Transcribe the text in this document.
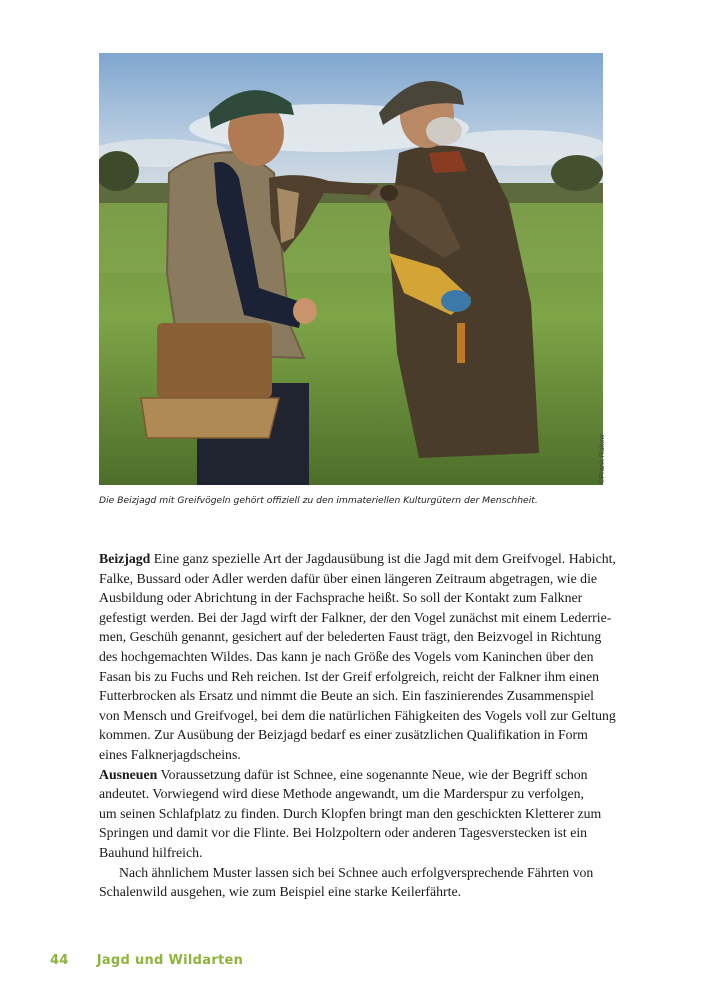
©Frank Rakow
Die Beizjagd mit Greifvögeln gehört offiziell zu den immateriellen Kulturgütern der Menschheit.
Beizjagd Eine ganz spezielle Art der Jagdausübung ist die Jagd mit dem Greifvogel. Habicht,
Falke, Bussard oder Adler werden dafür über einen längeren Zeitraum abgetragen, wie die
Ausbildung oder Abrichtung in der Fachsprache heißt. So soll der Kontakt zum Falkner
gefestigt werden. Bei der Jagd wirft der Falkner, der den Vogel zunächst mit einem Lederrie-
men, Geschüh genannt, gesichert auf der belederten Faust trägt, den Beizvogel in Richtung
des hochgemachten Wildes. Das kann je nach Größe des Vogels vom Kaninchen über den
Fasan bis zu Fuchs und Reh reichen. Ist der Greif erfolgreich, reicht der Falkner ihm einen
Futterbrocken als Ersatz und nimmt die Beute an sich. Ein faszinierendes Zusammenspiel
von Mensch und Greifvogel, bei dem die natürlichen Fähigkeiten des Vogels voll zur Geltung
kommen. Zur Ausübung der Beizjagd bedarf es einer zusätzlichen Qualifikation in Form
eines Falknerjagdscheins.
Ausneuen Voraussetzung dafür ist Schnee, eine sogenannte Neue, wie der Begriff schon
andeutet. Vorwiegend wird diese Methode angewandt, um die Marderspur zu verfolgen,
um seinen Schlafplatz zu finden. Durch Klopfen bringt man den geschickten Kletterer zum
Springen und damit vor die Flinte. Bei Holzpoltern oder anderen Tagesverstecken ist ein
Bauhund hilfreich.
Nach ähnlichem Muster lassen sich bei Schnee auch erfolgversprechende Fährten von
Schalenwild ausgehen, wie zum Beispiel eine starke Keilerfährte.
44 Jagd und Wildarten
